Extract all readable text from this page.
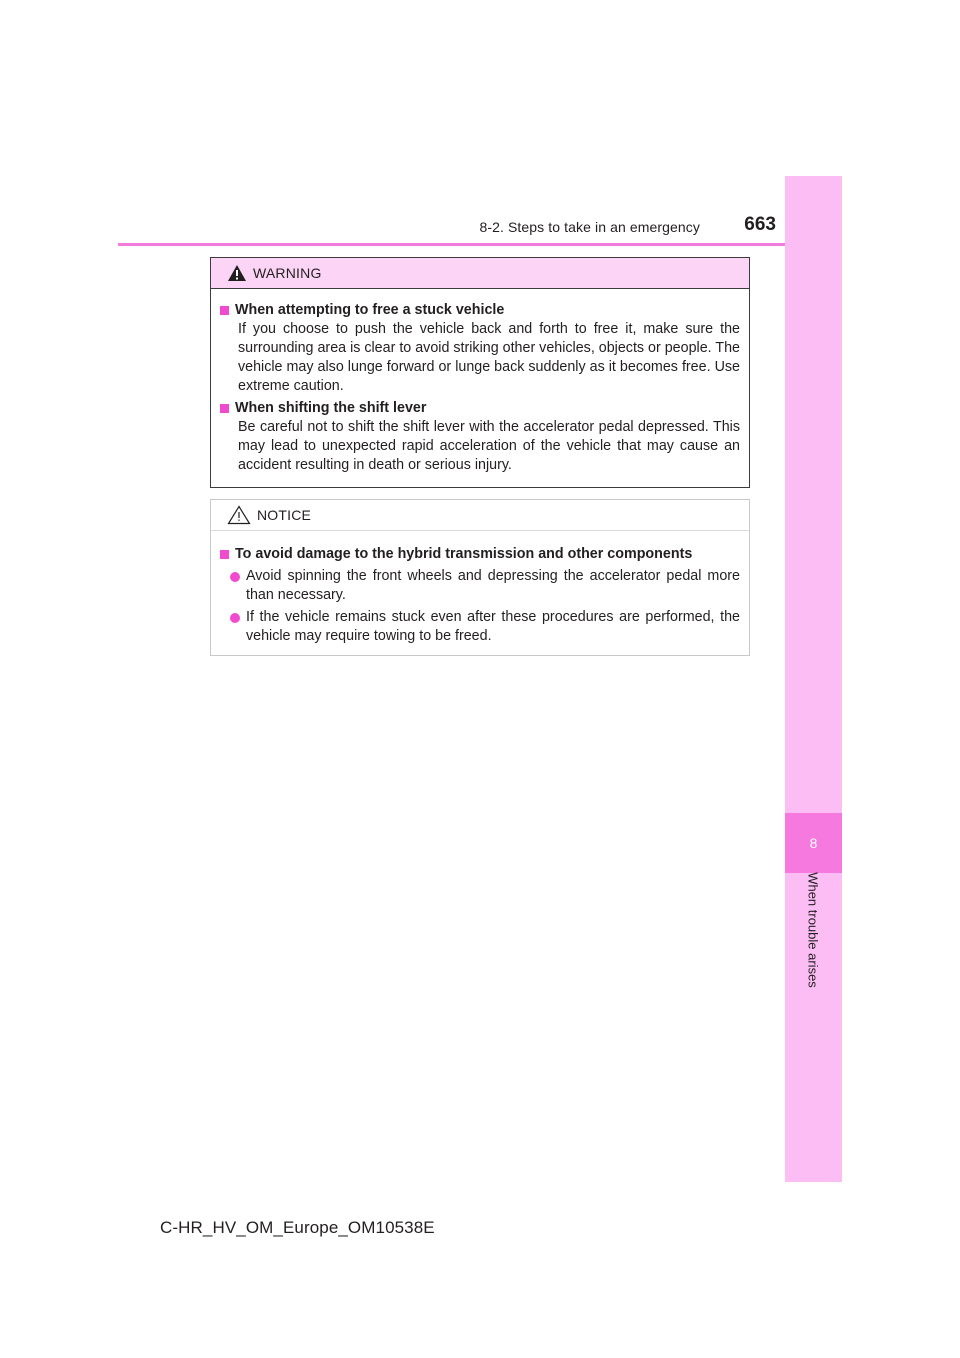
8-2. Steps to take in an emergency	663
8
When trouble arises
WARNING
When attempting to free a stuck vehicle
If you choose to push the vehicle back and forth to free it, make sure the surrounding area is clear to avoid striking other vehicles, objects or people. The vehicle may also lunge forward or lunge back suddenly as it becomes free. Use extreme caution.
When shifting the shift lever
Be careful not to shift the shift lever with the accelerator pedal depressed. This may lead to unexpected rapid acceleration of the vehicle that may cause an accident resulting in death or serious injury.
NOTICE
To avoid damage to the hybrid transmission and other components
Avoid spinning the front wheels and depressing the accelerator pedal more than necessary.
If the vehicle remains stuck even after these procedures are performed, the vehicle may require towing to be freed.
C-HR_HV_OM_Europe_OM10538E
